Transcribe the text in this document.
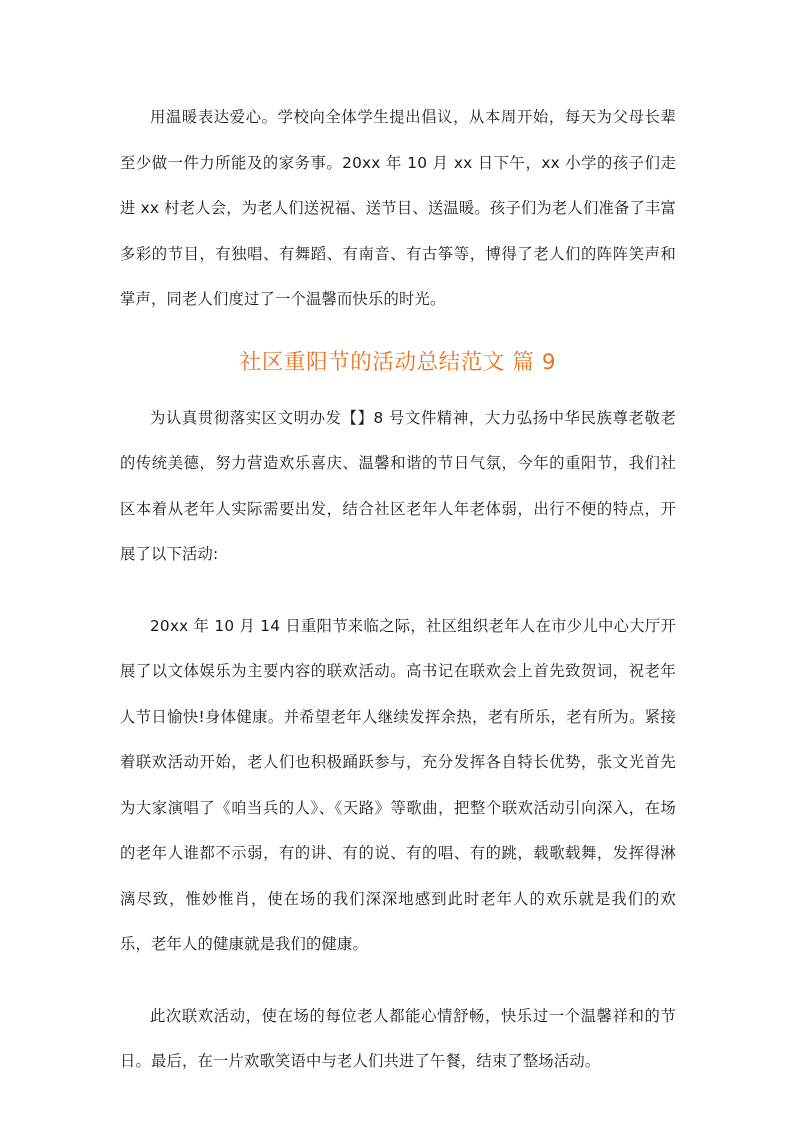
用温暖表达爱心。学校向全体学生提出倡议，从本周开始，每天为父母长辈至少做一件力所能及的家务事。20xx 年 10 月 xx 日下午，xx 小学的孩子们走进 xx 村老人会，为老人们送祝福、送节目、送温暖。孩子们为老人们准备了丰富多彩的节目，有独唱、有舞蹈、有南音、有古筝等，博得了老人们的阵阵笑声和掌声，同老人们度过了一个温馨而快乐的时光。

社区重阳节的活动总结范文 篇 9

为认真贯彻落实区文明办发【】8 号文件精神，大力弘扬中华民族尊老敬老的传统美德，努力营造欢乐喜庆、温馨和谐的节日气氛，今年的重阳节，我们社区本着从老年人实际需要出发，结合社区老年人年老体弱，出行不便的特点，开展了以下活动:

20xx 年 10 月 14 日重阳节来临之际，社区组织老年人在市少儿中心大厅开展了以文体娱乐为主要内容的联欢活动。高书记在联欢会上首先致贺词，祝老年人节日愉快!身体健康。并希望老年人继续发挥余热，老有所乐，老有所为。紧接着联欢活动开始，老人们也积极踊跃参与，充分发挥各自特长优势，张文光首先为大家演唱了《咱当兵的人》、《天路》等歌曲，把整个联欢活动引向深入，在场的老年人谁都不示弱，有的讲、有的说、有的唱、有的跳，载歌载舞，发挥得淋漓尽致，惟妙惟肖，使在场的我们深深地感到此时老年人的欢乐就是我们的欢乐，老年人的健康就是我们的健康。

此次联欢活动，使在场的每位老人都能心情舒畅，快乐过一个温馨祥和的节日。最后，在一片欢歌笑语中与老人们共进了午餐，结束了整场活动。
